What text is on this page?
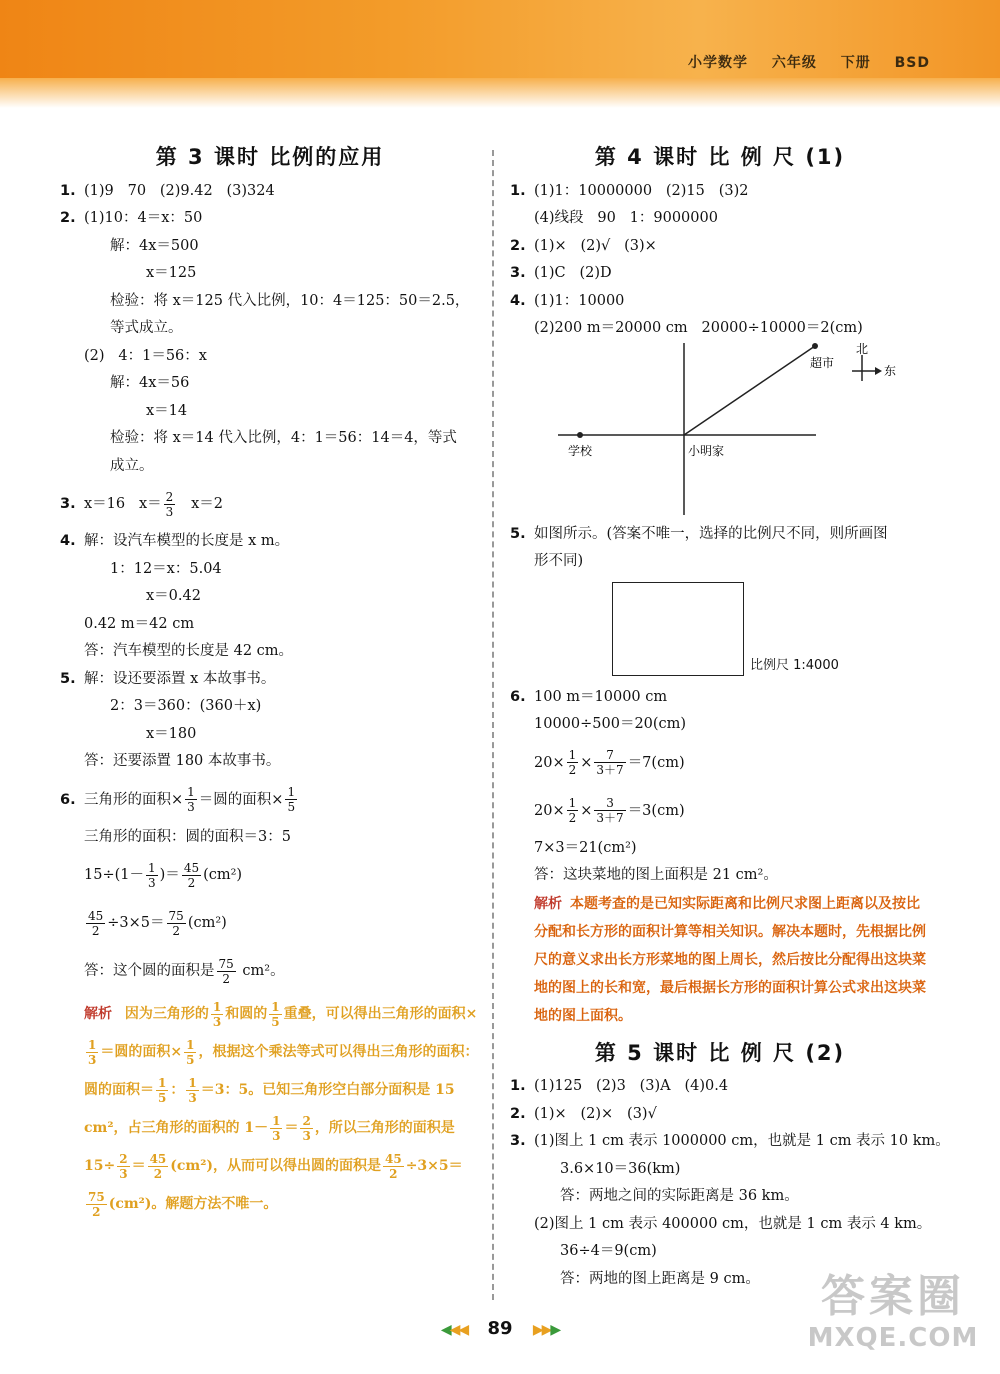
小学数学 六年级 下册 BSD
第 3 课时 比例的应用
1. (1)9   70   (2)9.42   (3)324
2. (1)10：4＝x：50
解：4x＝500
x＝125
检验：将 x＝125 代入比例，10：4＝125：50＝2.5，
等式成立。
(2)   4：1＝56：x
解：4x＝56
x＝14
检验：将 x＝14 代入比例，4：1＝56：14＝4，等式
成立。
3. x＝16 $x= \frac{2}{3} x=2$
4. 解：设汽车模型的长度是 x m。
1：12＝x：5.04
x＝0.42
0.42 m＝42 cm
答：汽车模型的长度是 42 cm。
5. 解：设还要添置 x 本故事书。
2：3＝360：(360＋x)
x＝180
答：还要添置 180 本故事书。
6. 三角形的面积× $\frac{1}{3}$ ＝圆的面积× $\frac{1}{5}$
三角形的面积：圆的面积＝3：5
$15\div(1- \frac{1}{3}$ )＝ $\frac{45}{2} (cm^2)$
$\frac{45}{2} \div 3\times 5= \frac{75}{2} (cm^2)$
答：这个圆的面积是 $\frac{75}{2} cm^2$。
解析 因为三角形的 $\frac{1}{3}$ 和圆的 $\frac{1}{5}$ 重叠，可以得出三角形的面积×
$\frac{1}{3}$ ＝圆的面积× $\frac{1}{5}$ ，根据这个乘法等式可以得出三角形的面积：圆的面积＝ $\frac{1}{5}$ ： $\frac{1}{3} =3$：5。已知三角形空白部分面积是 15 cm²，占三角形的面积的 $1- \frac{1}{3} = \frac{2}{3}$ ，所以三角形的面积是 $15\div \frac{2}{3} = \frac{45}{2} (cm^2)$，从而可以得出圆的面积是 $\frac{45}{2} \div 3\times 5=$
$\frac{75}{2} (cm^2)$。解题方法不唯一。
第 4 课时 比 例 尺 (1)
1. (1)1：10000000   (2)15   (3)2
(4)线段   90   1：9000000
2. (1)×   (2)√   (3)×
3. (1)C   (2)D
4. (1)1：10000
(2)200 m＝20000 cm   20000÷10000＝2(cm)
超市
学校	小明家
北
东
5. 如图所示。(答案不唯一，选择的比例尺不同，则所画图
形不同)
比例尺 1:4000
6. 100 m＝10000 cm
10000÷500＝20(cm)
$20\times \frac{1}{2} \times \frac{7}{3+7} =7(cm)$
$20\times \frac{1}{2} \times \frac{3}{3+7} =3(cm)$
7×3＝21(cm²)
答：这块菜地的图上面积是 21 cm²。
解析 本题考查的是已知实际距离和比例尺求图上距离以及按比分配和长方形的面积计算等相关知识。解决本题时，先根据比例尺的意义求出长方形菜地的图上周长，然后按比分配得出这块菜地的图上的长和宽，最后根据长方形的面积计算公式求出这块菜地的图上面积。
第 5 课时 比 例 尺 (2)
1. (1)125   (2)3   (3)A   (4)0.4
2. (1)×   (2)×   (3)√
3. (1)图上 1 cm 表示 1000000 cm，也就是 1 cm 表示 10 km。
3.6×10＝36(km)
答：两地之间的实际距离是 36 km。
(2)图上 1 cm 表示 400000 cm，也就是 1 cm 表示 4 km。
36÷4＝9(cm)
答：两地的图上距离是 9 cm。
◀◀◀ 89 ▶▶▶
答案圈
MXQE.COM
